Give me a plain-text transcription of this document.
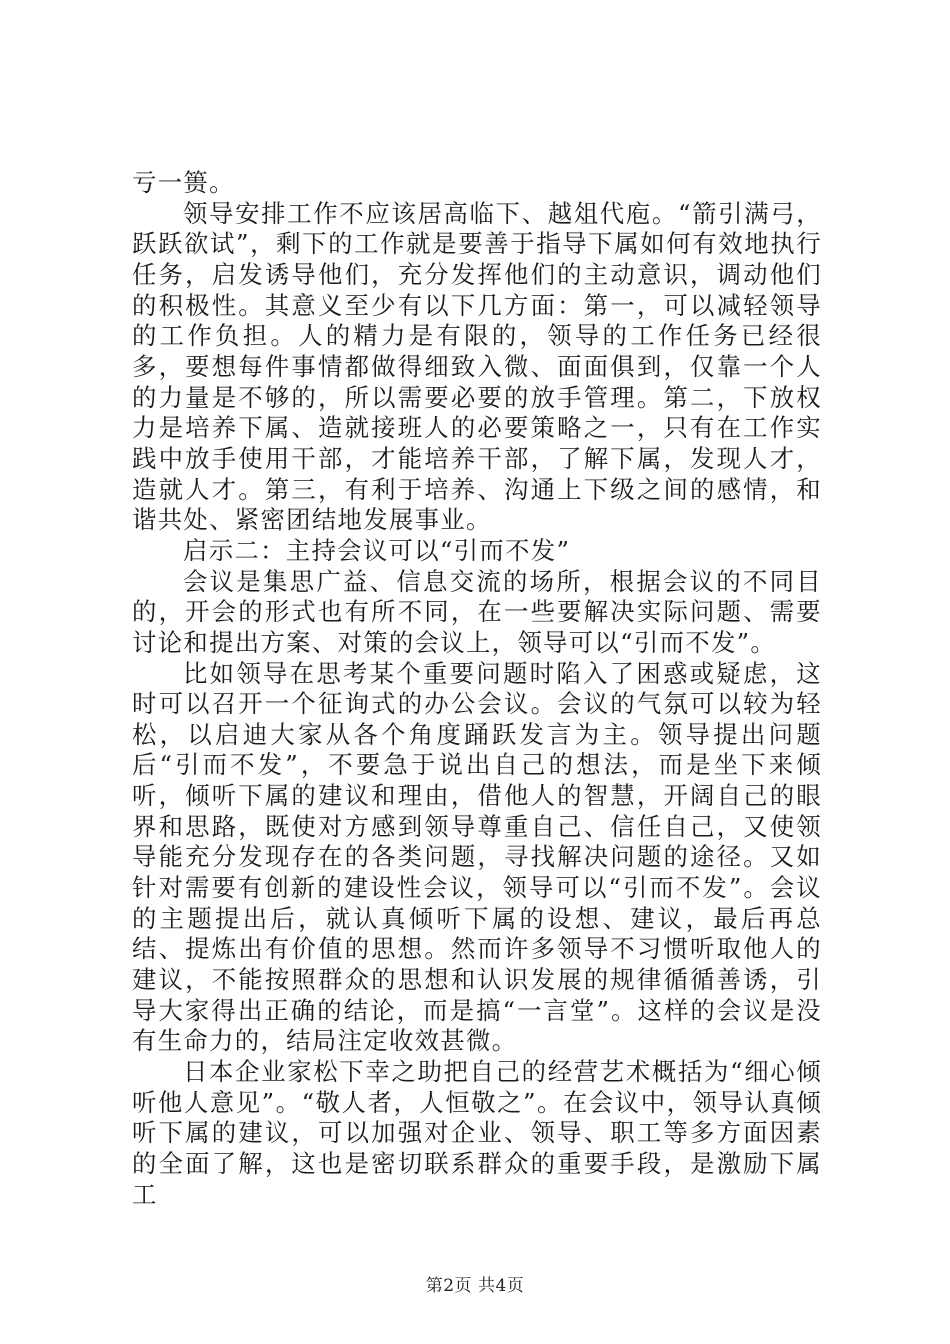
亏一篑。

领导安排工作不应该居高临下、越俎代庖。“箭引满弓，跃跃欲试”，剩下的工作就是要善于指导下属如何有效地执行任务，启发诱导他们，充分发挥他们的主动意识，调动他们的积极性。其意义至少有以下几方面：第一，可以减轻领导的工作负担。人的精力是有限的，领导的工作任务已经很多，要想每件事情都做得细致入微、面面俱到，仅靠一个人的力量是不够的，所以需要必要的放手管理。第二，下放权力是培养下属、造就接班人的必要策略之一，只有在工作实践中放手使用干部，才能培养干部，了解下属，发现人才，造就人才。第三，有利于培养、沟通上下级之间的感情，和谐共处、紧密团结地发展事业。

启示二：主持会议可以“引而不发”

会议是集思广益、信息交流的场所，根据会议的不同目的，开会的形式也有所不同，在一些要解决实际问题、需要讨论和提出方案、对策的会议上，领导可以“引而不发”。

比如领导在思考某个重要问题时陷入了困惑或疑虑，这时可以召开一个征询式的办公会议。会议的气氛可以较为轻松，以启迪大家从各个角度踊跃发言为主。领导提出问题后“引而不发”，不要急于说出自己的想法，而是坐下来倾听，倾听下属的建议和理由，借他人的智慧，开阔自己的眼界和思路，既使对方感到领导尊重自己、信任自己，又使领导能充分发现存在的各类问题，寻找解决问题的途径。又如针对需要有创新的建设性会议，领导可以“引而不发”。会议的主题提出后，就认真倾听下属的设想、建议，最后再总结、提炼出有价值的思想。然而许多领导不习惯听取他人的建议，不能按照群众的思想和认识发展的规律循循善诱，引导大家得出正确的结论，而是搞“一言堂”。这样的会议是没有生命力的，结局注定收效甚微。

日本企业家松下幸之助把自己的经营艺术概括为“细心倾听他人意见”。“敬人者，人恒敬之”。在会议中，领导认真倾听下属的建议，可以加强对企业、领导、职工等多方面因素的全面了解，这也是密切联系群众的重要手段，是激励下属工

第2页 共4页
